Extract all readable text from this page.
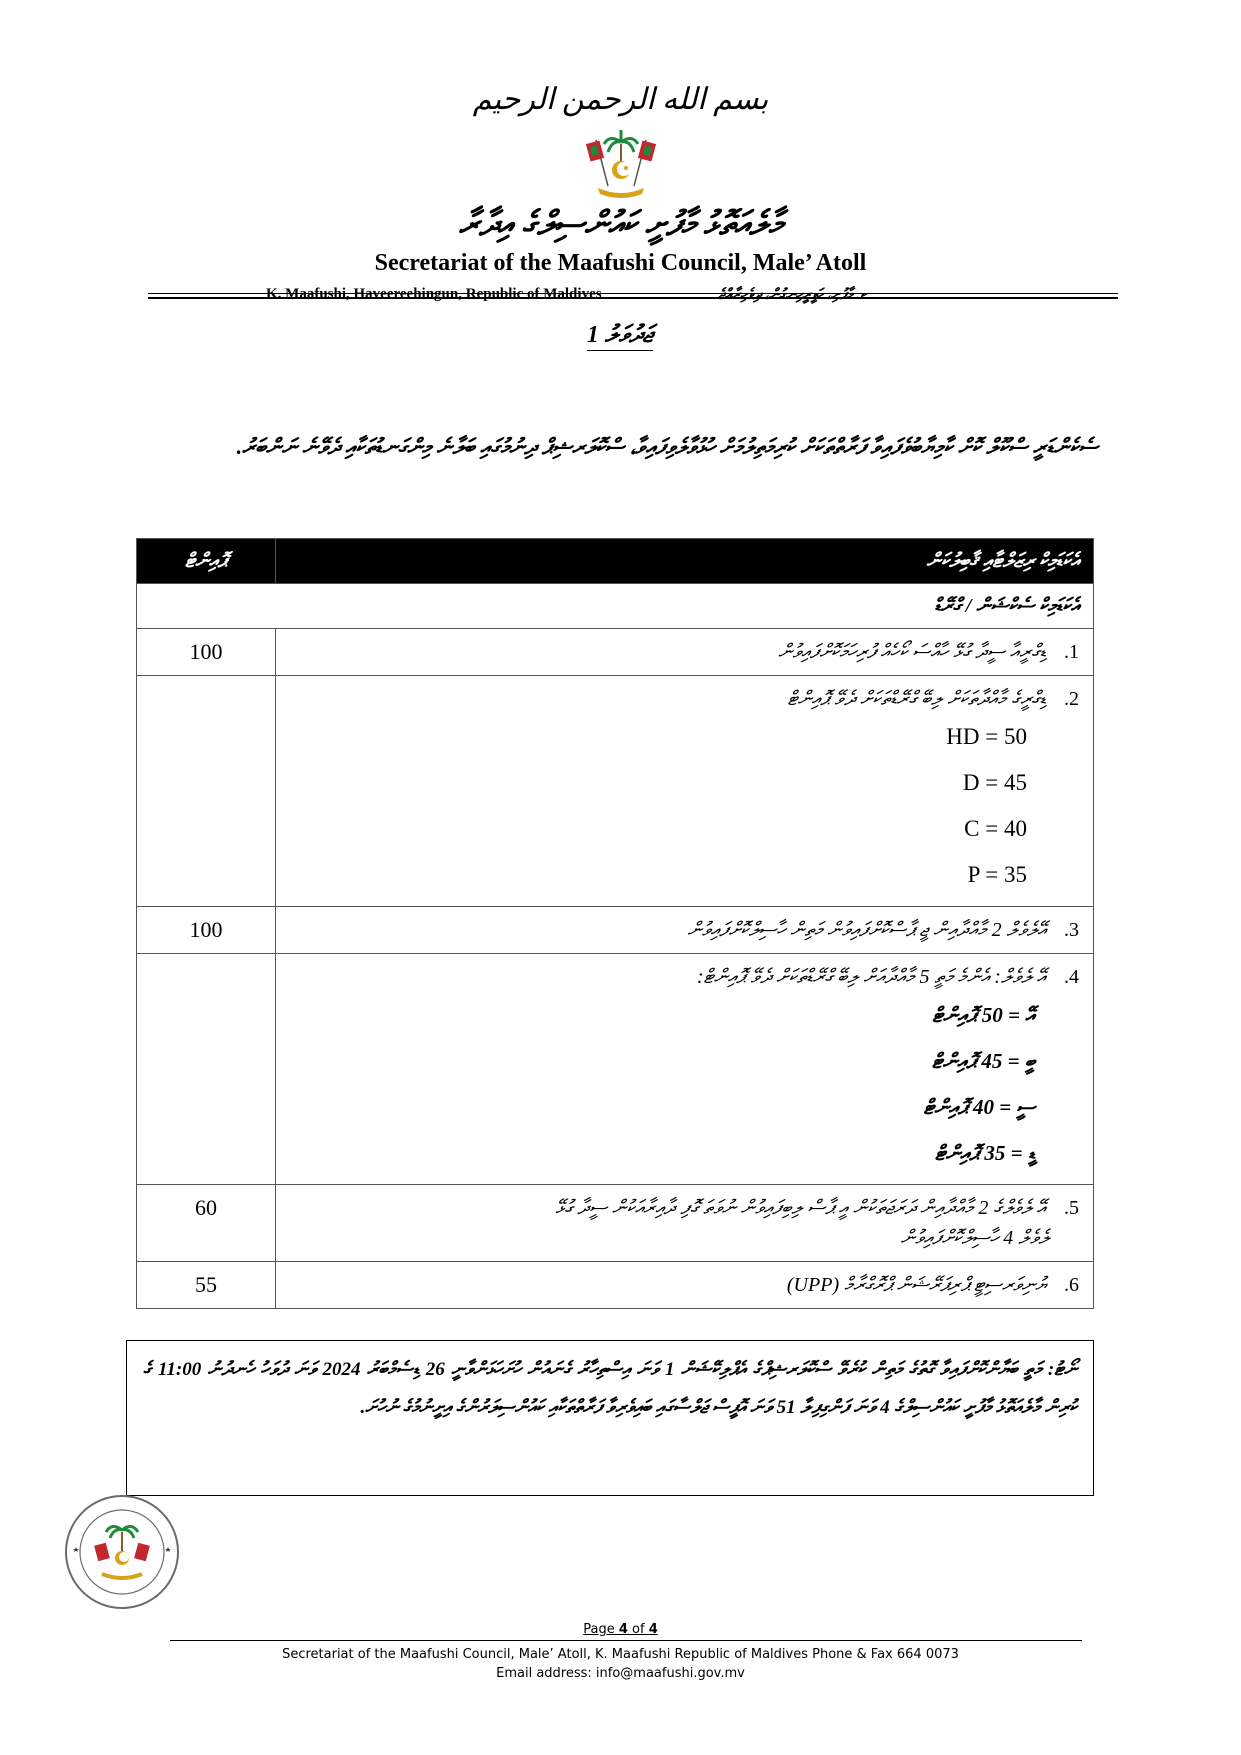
بسم الله الرحمن الرحيم
މާލެއަތޮޅު މާފުށީ ކައުންސިލްގެ އިދާރާ
Secretariat of the Maafushi Council, Male’ Atoll
K. Maafushi, Haveereehingun, Republic of Maldives	ކ. މާފުށި، ހަވީރީހިނގުން، ދިވެހިރާއްޖެ
ޖަދުވަލު 1
ސެކެންޑަރީ ސްކޫލް ކޮށް ކާމިޔާބުވެފައިވާ ފަރާތްތަކަށް ކުރިމަތިލުމަށް ހުޅުވާލެވިފައިވާ، ސްކޮލަރޝިޕް ދިނުމުގައި ބަލާނެ މިންގަނޑުތަކާއި ދެވޭނެ ނަންބަރު.
އެކަޑަމިކް ރިޒަލްޓާއި ޤާބިލުކަން	ޕޮއިންޓް
އެކަޑަމިކް ސެކްޝަން / ގްރޭޑް	
1. ޑިގްރީއާ ސީދާ ގުޅޭ ހާއްސަ ކޯހެއް ފުރިހަމަކޮށްފައިވުން	100
2. ޑިގްރީގެ މާއްދާތަކަށް ލިބޭ ގްރޭޑްތަކަށް ދެވޭ ޕޮއިންޓް
HD = 50
D = 45
C = 40
P = 35	

3. އޭލެވެލް 2 މާއްދާއިން ޖީ ޕާސްކޮށްފައިވުން މަތިން ހާސިލްކޮށްފައިވުން	100
4. އޭ ލެވެލް: އެންމެ މަތީ 5 މާއްދާއަށް ލިބޭ ގްރޭޑްތަކަށް ދެވޭ ޕޮއިންޓް:
އޭ = 50 ޕޮއިންޓް
ބީ = 45 ޕޮއިންޓް
ސީ = 40 ޕޮއިންޓް
ޑީ = 35 ޕޮއިންޓް	

5. އޭ ލެވެލްގެ 2 މާއްދާއިން ދަރަޖަތަކުން އީ ޕާސް ލިބިފައިވުން ނުވަތަ ގޮފި ދާއިރާއަކުން ސީދާ ގުޅޭ
ލެވެލް 4 ހާސިލްކޮށްފައިވުން	60
6. ޔުނިވަރސިޓީ ޕްރިޕަރޭޝަން ޕްރޮގްރާމް (UPP)	55
ނޯޓު: މަތީ ބަޔާންކޮށްފައިވާ ގޮތުގެ މަތިން ކުރެވޭ ސްކޮލަރޝިޕްގެ އެޕްލިކޭޝަން 1 ވަނަ އިސްތިހާރު ގެނައުން ހުށަހަޅަންވާނީ 26 ޑިސެމްބަރު 2024 ވަނަ ދުވަހު ހެނދުނު 11:00 ގެ ކުރިން މާލެއަތޮޅު މާފުށީ ކައުންސިލްގެ 4 ވަނަ ފަންގިފިލާ 51 ވަނަ އޮފީސް ޖަލްސާގައި ބައިވެރިވާ ފަރާތްތަކާއި ކައުންސިލަރުންގެ އިށީނުމުގެ ނުހުށަ.
Page 4 of 4
Secretariat of the Maafushi Council, Male’ Atoll, K. Maafushi Republic of Maldives Phone & Fax 664 0073
Email address: info@maafushi.gov.mv
